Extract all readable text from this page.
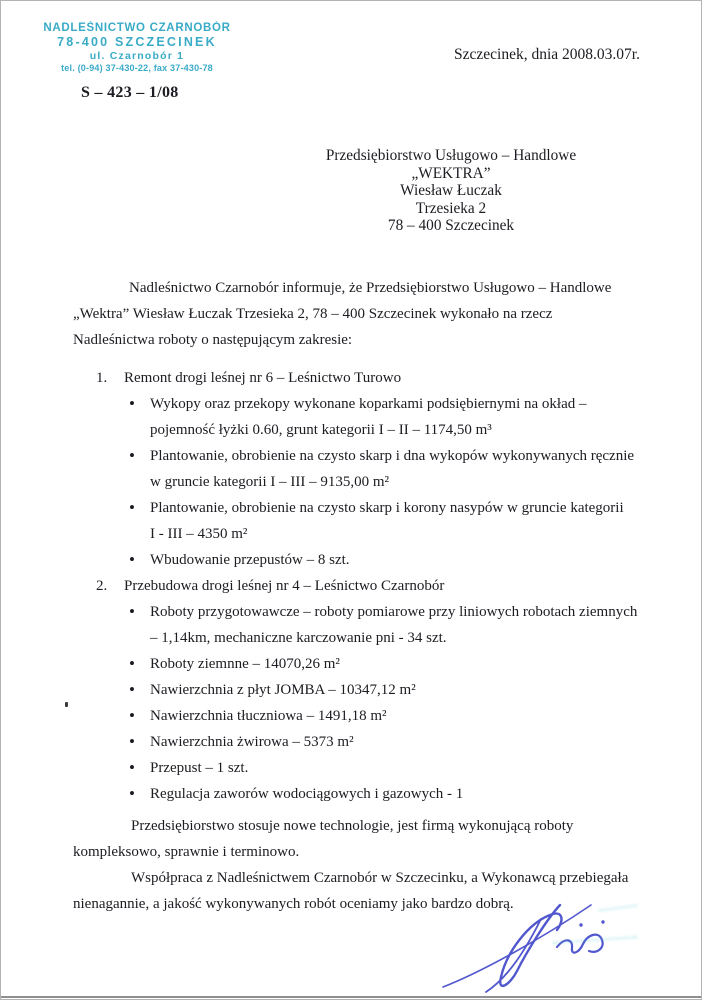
NADLEŚNICTWO CZARNOBÓR
78-400 SZCZECINEK
ul. Czarnobór 1
tel. (0-94) 37-430-22, fax 37-430-78
Szczecinek, dnia 2008.03.07r.
S – 423 – 1/08
Przedsiębiorstwo Usługowo – Handlowe
„WEKTRA”
Wiesław Łuczak
Trzesieka 2
78 – 400 Szczecinek
Nadleśnictwo Czarnobór informuje, że Przedsiębiorstwo Usługowo – Handlowe
„Wektra” Wiesław Łuczak Trzesieka 2, 78 – 400 Szczecinek wykonało na rzecz
Nadleśnictwa roboty o następującym zakresie:
1. Remont drogi leśnej nr 6 – Leśnictwo Turowo
• Wykopy oraz przekopy wykonane koparkami podsiębiernymi na okład –
pojemność łyżki 0.60, grunt kategorii I – II – 1174,50 m³
• Plantowanie, obrobienie na czysto skarp i dna wykopów wykonywanych ręcznie
w gruncie kategorii I – III – 9135,00 m²
• Plantowanie, obrobienie na czysto skarp i korony nasypów w gruncie kategorii
I - III – 4350 m²
• Wbudowanie przepustów – 8 szt.
2. Przebudowa drogi leśnej nr 4 – Leśnictwo Czarnobór
• Roboty przygotowawcze – roboty pomiarowe przy liniowych robotach ziemnych
– 1,14km, mechaniczne karczowanie pni - 34 szt.
• Roboty ziemnne – 14070,26 m²
• Nawierzchnia z płyt JOMBA – 10347,12 m²
• Nawierzchnia tłuczniowa – 1491,18 m²
• Nawierzchnia żwirowa – 5373 m²
• Przepust – 1 szt.
• Regulacja zaworów wodociągowych i gazowych - 1
Przedsiębiorstwo stosuje nowe technologie, jest firmą wykonującą roboty
kompleksowo, sprawnie i terminowo.
Współpraca z Nadleśnictwem Czarnobór w Szczecinku, a Wykonawcą przebiegała
nienagannie, a jakość wykonywanych robót oceniamy jako bardzo dobrą.
